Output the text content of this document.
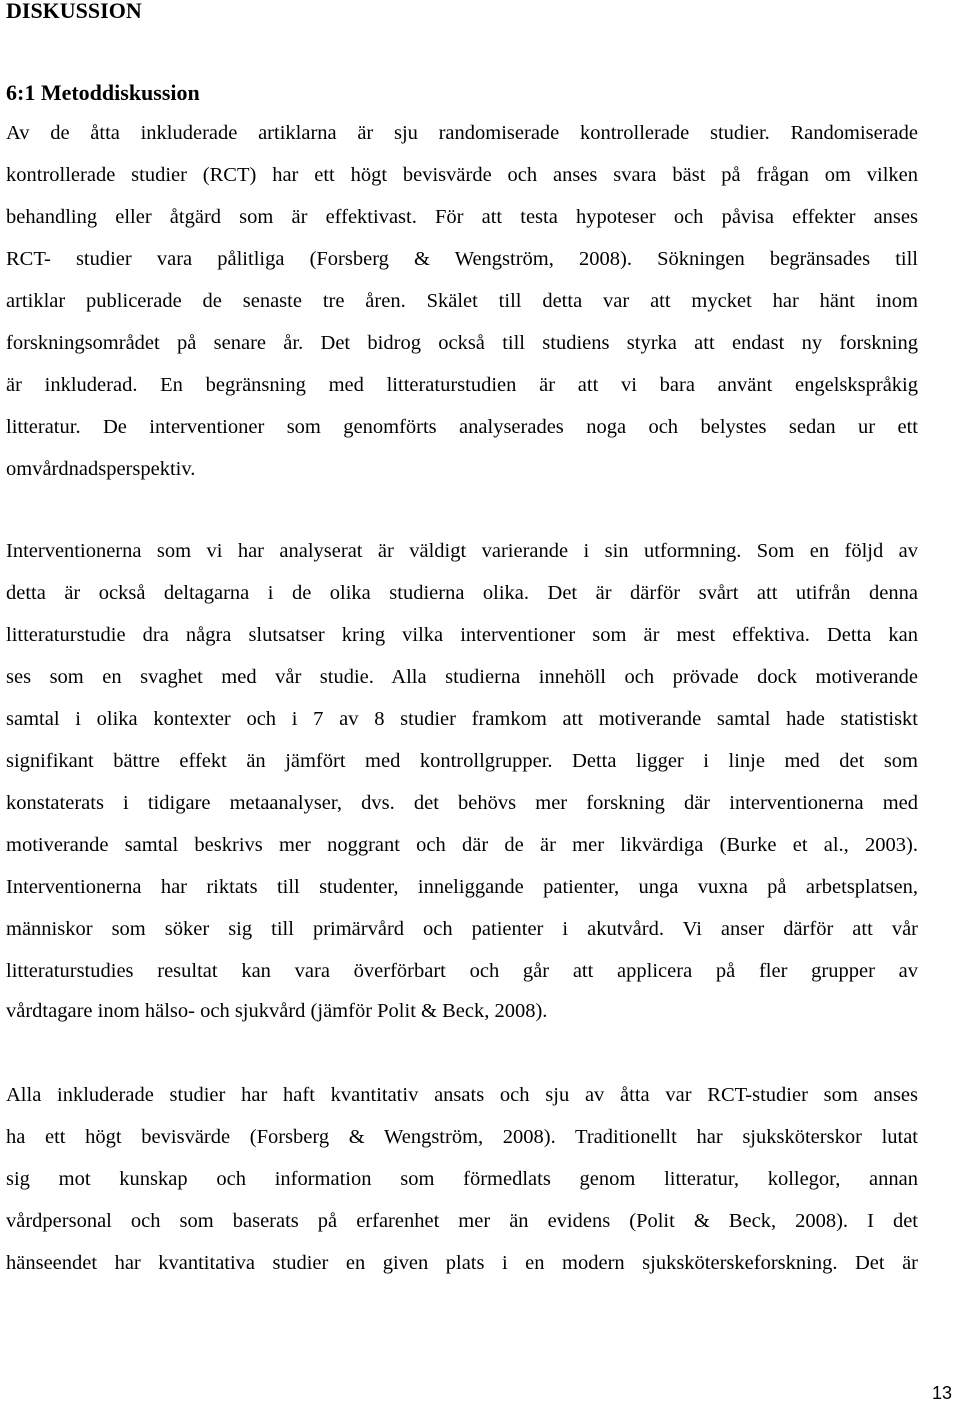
DISKUSSION
6:1 Metoddiskussion
Av de åtta inkluderade artiklarna är sju randomiserade kontrollerade studier. Randomiserade
kontrollerade studier (RCT) har ett högt bevisvärde och anses svara bäst på frågan om vilken
behandling eller åtgärd som är effektivast. För att testa hypoteser och påvisa effekter anses
RCT- studier vara pålitliga (Forsberg & Wengström, 2008). Sökningen begränsades till
artiklar publicerade de senaste tre åren. Skälet till detta var att mycket har hänt inom
forskningsområdet på senare år. Det bidrog också till studiens styrka att endast ny forskning
är inkluderad. En begränsning med litteraturstudien är att vi bara använt engelskspråkig
litteratur. De interventioner som genomförts analyserades noga och belystes sedan ur ett
omvårdnadsperspektiv.
Interventionerna som vi har analyserat är väldigt varierande i sin utformning. Som en följd av
detta är också deltagarna i de olika studierna olika. Det är därför svårt att utifrån denna
litteraturstudie dra några slutsatser kring vilka interventioner som är mest effektiva. Detta kan
ses som en svaghet med vår studie. Alla studierna innehöll och prövade dock motiverande
samtal i olika kontexter och i 7 av 8 studier framkom att motiverande samtal hade statistiskt
signifikant bättre effekt än jämfört med kontrollgrupper. Detta ligger i linje med det som
konstaterats i tidigare metaanalyser, dvs. det behövs mer forskning där interventionerna med
motiverande samtal beskrivs mer noggrant och där de är mer likvärdiga (Burke et al., 2003).
Interventionerna har riktats till studenter, inneliggande patienter, unga vuxna på arbetsplatsen,
människor som söker sig till primärvård och patienter i akutvård. Vi anser därför att vår
litteraturstudies resultat kan vara överförbart och går att applicera på fler grupper av
vårdtagare inom hälso- och sjukvård (jämför Polit & Beck, 2008).
Alla inkluderade studier har haft kvantitativ ansats och sju av åtta var RCT-studier som anses
ha ett högt bevisvärde (Forsberg & Wengström, 2008). Traditionellt har sjuksköterskor lutat
sig mot kunskap och information som förmedlats genom litteratur, kollegor, annan
vårdpersonal och som baserats på erfarenhet mer än evidens (Polit & Beck, 2008). I det
hänseendet har kvantitativa studier en given plats i en modern sjuksköterskeforskning. Det är
13
